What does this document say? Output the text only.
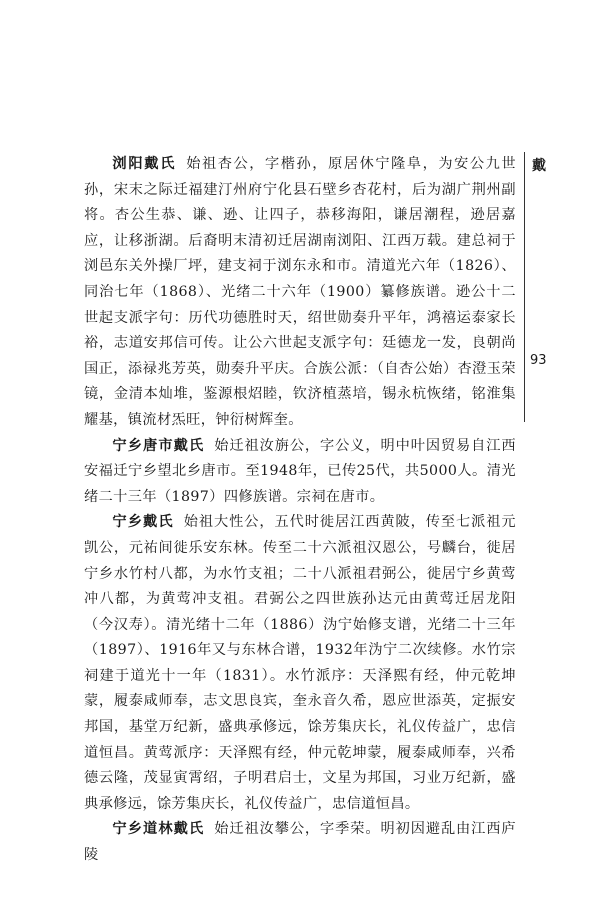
戴
93

浏阳戴氏 始祖杏公，字楷孙，原居休宁隆阜，为安公九世孙，宋末之际迁福建汀州府宁化县石壁乡杏花村，后为湖广荆州副将。杏公生恭、谦、逊、让四子，恭移海阳，谦居潮程，逊居嘉应，让移浙湖。后裔明末清初迁居湖南浏阳、江西万载。建总祠于浏邑东关外操厂坪，建支祠于浏东永和市。清道光六年（1826）、同治七年（1868）、光绪二十六年（1900）纂修族谱。逊公十二世起支派字句：历代功德胜时天，绍世勋奏升平年，鸿禧运泰家长裕，志道安邦信可传。让公六世起支派字句：廷德龙一发，良朝尚国正，添禄兆芳英，勋奏升平庆。合族公派：（自杏公始）杏澄玉荣镜，金清本灿堆，鉴源根炤睦，钦济植蒸培，锡永杭恢绪，铭淮集耀基，镇流材炁旺，钟衍树辉奎。

宁乡唐市戴氏 始迁祖汝旃公，字公义，明中叶因贸易自江西安福迁宁乡望北乡唐市。至1948年，已传25代，共5000人。清光绪二十三年（1897）四修族谱。宗祠在唐市。

宁乡戴氏 始祖大性公，五代时徙居江西黄陂，传至七派祖元凯公，元祐间徙乐安东林。传至二十六派祖汉恩公，号麟台，徙居宁乡水竹村八都，为水竹支祖；二十八派祖君弼公，徙居宁乡黄莺冲八都，为黄莺冲支祖。君弼公之四世族孙达元由黄莺迁居龙阳（今汉寿）。清光绪十二年（1886）沩宁始修支谱，光绪二十三年（1897）、1916年又与东林合谱，1932年沩宁二次续修。水竹宗祠建于道光十一年（1831）。水竹派序：天泽熙有经，仲元乾坤蒙，履泰咸师奉，志文思良宾，奎永音久希，恩应世添英，定振安邦国，基堂万纪新，盛典承修远，馀芳集庆长，礼仪传益广，忠信道恒昌。黄莺派序：天泽熙有经，仲元乾坤蒙，履泰咸师奉，兴希德云隆，茂显寅霄绍，子明君启士，文星为邦国，习业万纪新，盛典承修远，馀芳集庆长，礼仪传益广，忠信道恒昌。

宁乡道林戴氏 始迁祖汝攀公，字季荣。明初因避乱由江西庐陵
